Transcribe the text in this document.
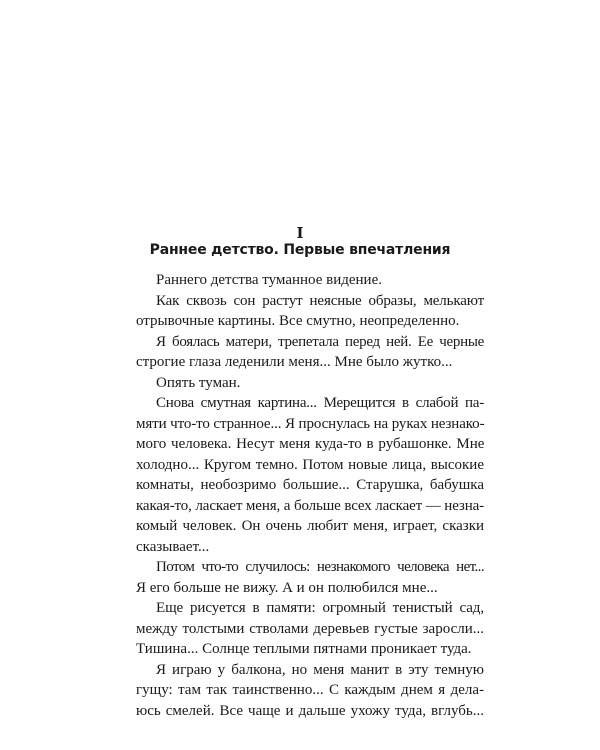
I
Раннее детство. Первые впечатления

Раннего детства туманное видение.

Как сквозь сон растут неясные образы, мелькают
отрывочные картины. Все смутно, неопределенно.

Я боялась матери, трепетала перед ней. Ее черные
строгие глаза леденили меня... Мне было жутко...

Опять туман.

Снова смутная картина... Мерещится в слабой па-
мяти что-то странное... Я проснулась на руках незнако-
мого человека. Несут меня куда-то в рубашонке. Мне
холодно... Кругом темно. Потом новые лица, высокие
комнаты, необозримо большие... Старушка, бабушка
какая-то, ласкает меня, а больше всех ласкает — незна-
комый человек. Он очень любит меня, играет, сказки
сказывает...

Потом что-то случилось: незнакомого человека нет...
Я его больше не вижу. А и он полюбился мне...

Еще рисуется в памяти: огромный тенистый сад,
между толстыми стволами деревьев густые заросли...
Тишина... Солнце теплыми пятнами проникает туда.

Я играю у балкона, но меня манит в эту темную
гущу: там так таинственно... С каждым днем я дела-
юсь смелей. Все чаще и дальше ухожу туда, вглубь...
